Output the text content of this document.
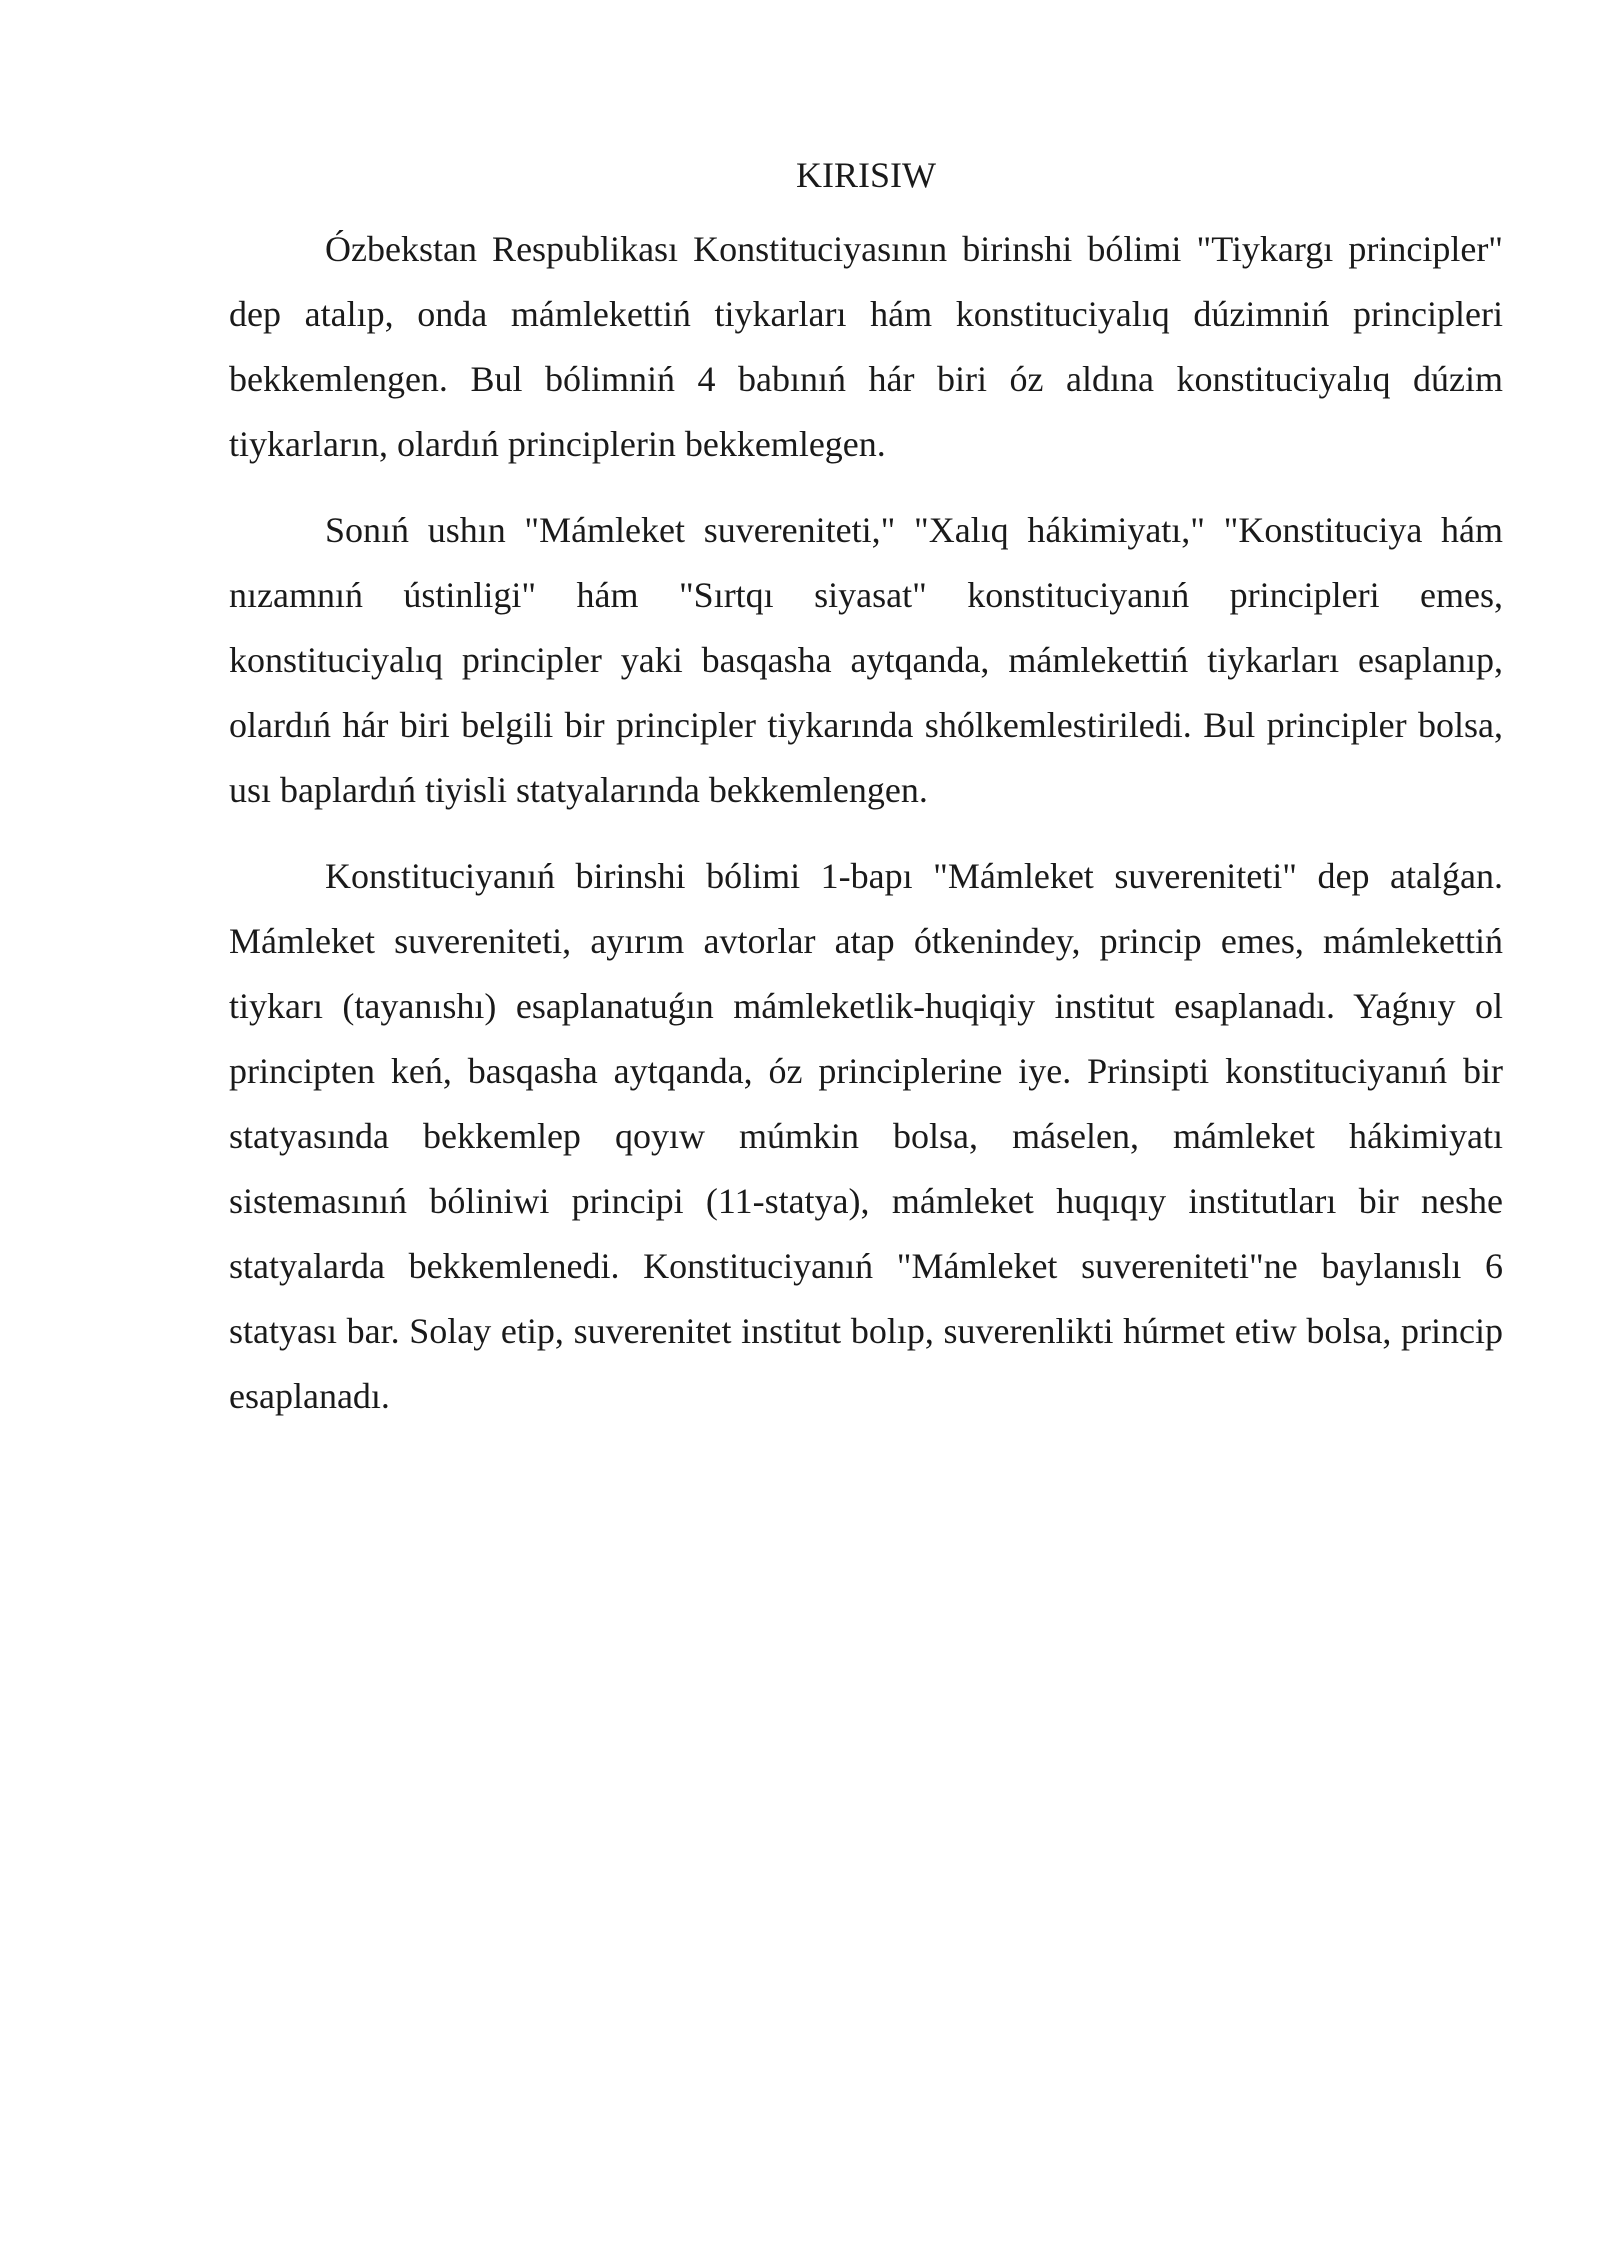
KIRISIW

Ózbekstan Respublikası Konstituciyasının birinshi bólimi "Tiykargı principler" dep atalıp, onda mámlekettiń tiykarları hám konstituciyalıq dúzimniń principleri bekkemlengen. Bul bólimniń 4 babınıń hár biri óz aldına konstituciyalıq dúzim tiykarların, olardıń principlerin bekkemlegen.

Sonıń ushın "Mámleket suvereniteti," "Xalıq hákimiyatı," "Konstituciya hám nızamnıń ústinligi" hám "Sırtqı siyasat" konstituciyanıń principleri emes, konstituciyalıq principler yaki basqasha aytqanda, mámlekettiń tiykarları esaplanıp, olardıń hár biri belgili bir principler tiykarında shólkemlestiriledi. Bul principler bolsa, usı baplardıń tiyisli statyalarında bekkemlengen.

Konstituciyanıń birinshi bólimi 1-bapı "Mámleket suvereniteti" dep atalǵan. Mámleket suvereniteti, ayırım avtorlar atap ótkenindey, princip emes, mámlekettiń tiykarı (tayanıshı) esaplanatuǵın mámleketlik-huqiqiy institut esaplanadı. Yaǵnıy ol principten keń, basqasha aytqanda, óz principlerine iye. Prinsipti konstituciyanıń bir statyasında bekkemlep qoyıw múmkin bolsa, máselen, mámleket hákimiyatı sistemasınıń bóliniwi principi (11-statya), mámleket huqıqıy institutları bir neshe statyalarda bekkemlenedi. Konstituciyanıń "Mámleket suvereniteti"ne baylanıslı 6 statyası bar. Solay etip, suverenitet institut bolıp, suverenlikti húrmet etiw bolsa, princip esaplanadı.
